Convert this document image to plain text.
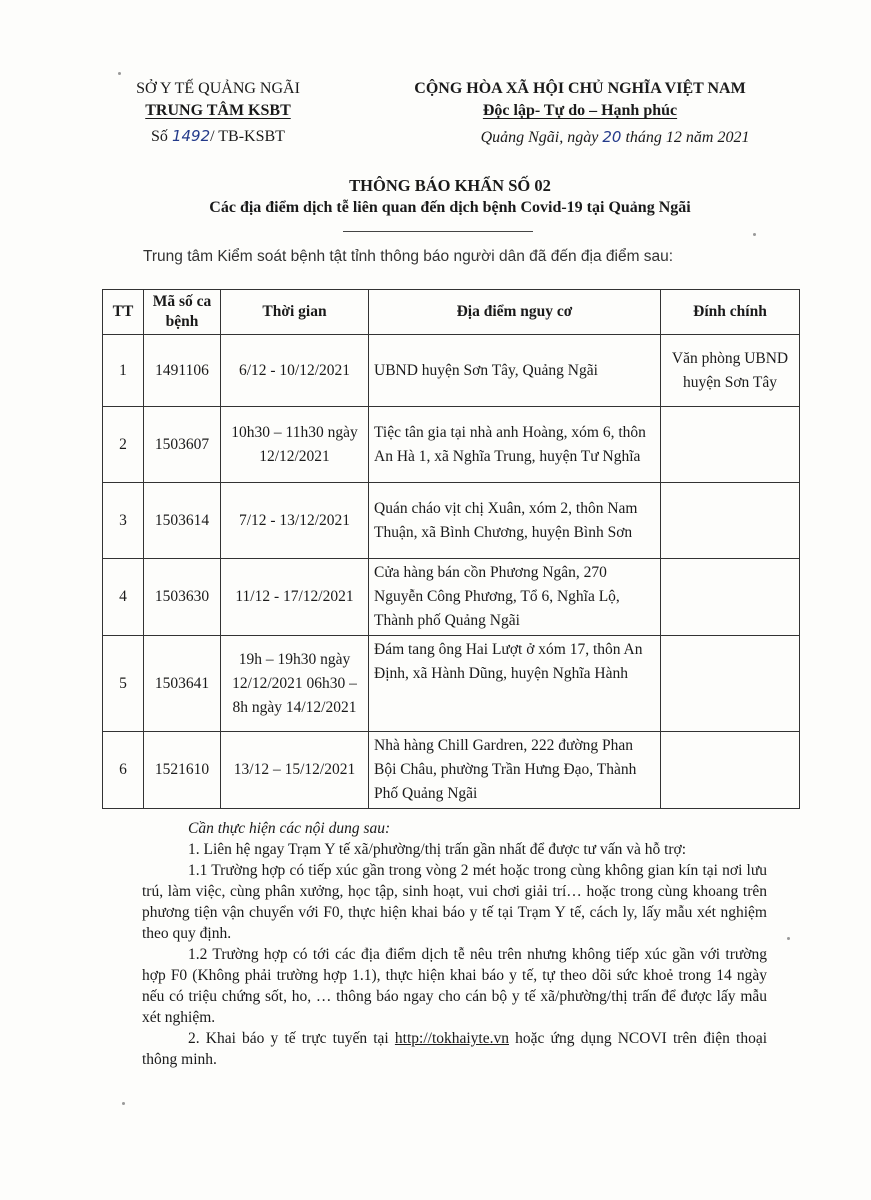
SỞ Y TẾ QUẢNG NGÃI
TRUNG TÂM KSBT
Số 1492/ TB-KSBT
CỘNG HÒA XÃ HỘI CHỦ NGHĨA VIỆT NAM
Độc lập- Tự do – Hạnh phúc
Quảng Ngãi, ngày 20 tháng 12 năm 2021
THÔNG BÁO KHẨN SỐ 02
Các địa điểm dịch tễ liên quan đến dịch bệnh Covid-19 tại Quảng Ngãi
Trung tâm Kiểm soát bệnh tật tỉnh thông báo người dân đã đến địa điểm sau:
TT	Mã số ca bệnh	Thời gian	Địa điểm nguy cơ	Đính chính
1	1491106	6/12 - 10/12/2021	UBND huyện Sơn Tây, Quảng Ngãi	Văn phòng UBND huyện Sơn Tây
2	1503607	10h30 – 11h30 ngày 12/12/2021	Tiệc tân gia tại nhà anh Hoàng, xóm 6, thôn An Hà 1, xã Nghĩa Trung, huyện Tư Nghĩa	
3	1503614	7/12 - 13/12/2021	Quán cháo vịt chị Xuân, xóm 2, thôn Nam Thuận, xã Bình Chương, huyện Bình Sơn	
4	1503630	11/12 - 17/12/2021	Cửa hàng bán cồn Phương Ngân, 270 Nguyễn Công Phương, Tổ 6, Nghĩa Lộ, Thành phố Quảng Ngãi	
5	1503641	19h – 19h30 ngày 12/12/2021 06h30 – 8h ngày 14/12/2021	Đám tang ông Hai Lượt ở xóm 17, thôn An Định, xã Hành Dũng, huyện Nghĩa Hành	
6	1521610	13/12 – 15/12/2021	Nhà hàng Chill Gardren, 222 đường Phan Bội Châu, phường Trần Hưng Đạo, Thành Phố Quảng Ngãi	

Cần thực hiện các nội dung sau:

1. Liên hệ ngay Trạm Y tế xã/phường/thị trấn gần nhất để được tư vấn và hỗ trợ:

1.1 Trường hợp có tiếp xúc gần trong vòng 2 mét hoặc trong cùng không gian kín tại nơi lưu trú, làm việc, cùng phân xưởng, học tập, sinh hoạt, vui chơi giải trí… hoặc trong cùng khoang trên phương tiện vận chuyển với F0, thực hiện khai báo y tế tại Trạm Y tế, cách ly, lấy mẫu xét nghiệm theo quy định.

1.2 Trường hợp có tới các địa điểm dịch tễ nêu trên nhưng không tiếp xúc gần với trường hợp F0 (Không phải trường hợp 1.1), thực hiện khai báo y tế, tự theo dõi sức khoẻ trong 14 ngày nếu có triệu chứng sốt, ho, … thông báo ngay cho cán bộ y tế xã/phường/thị trấn để được lấy mẫu xét nghiệm.

2. Khai báo y tế trực tuyến tại http://tokhaiyte.vn hoặc ứng dụng NCOVI trên điện thoại thông minh.
